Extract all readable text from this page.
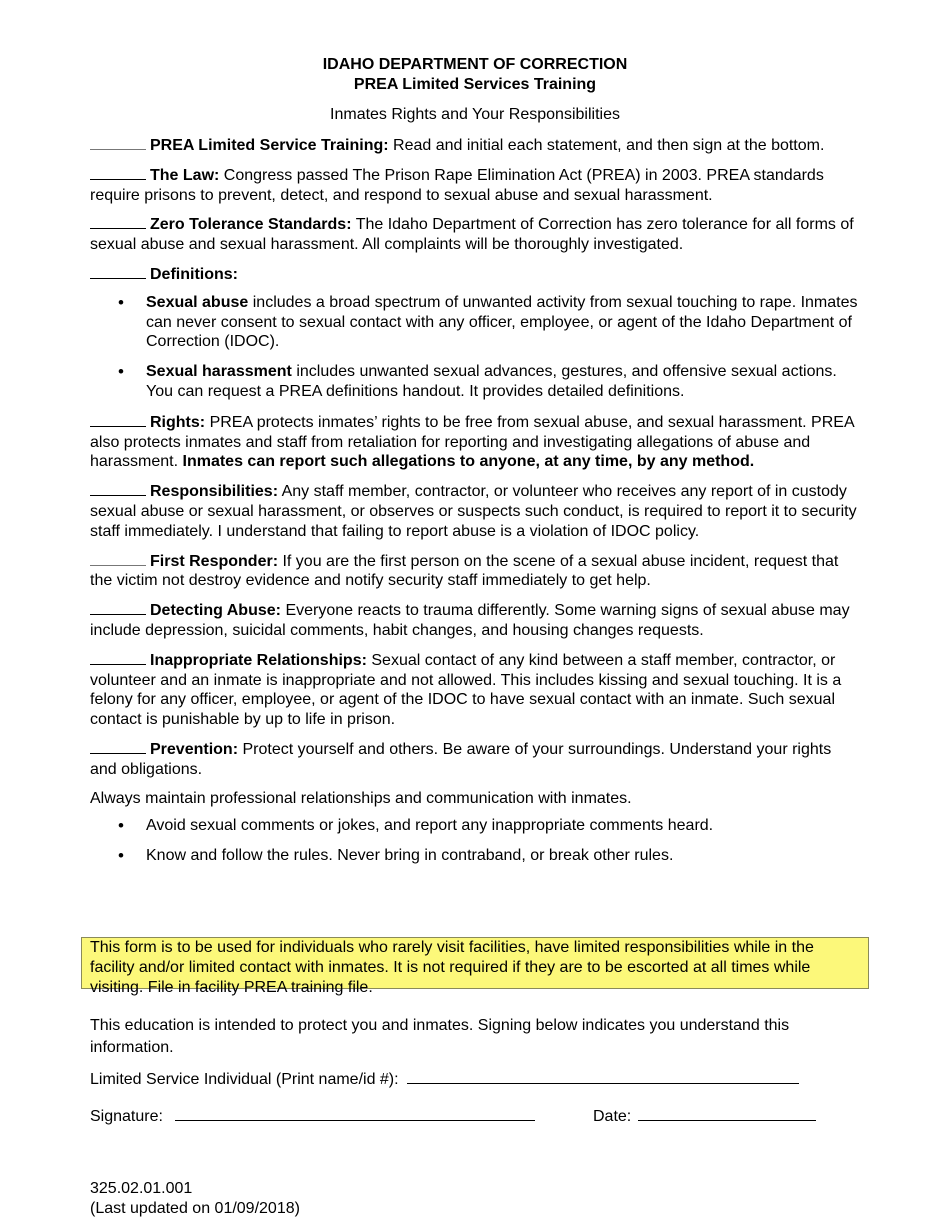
IDAHO DEPARTMENT OF CORRECTION
PREA Limited Services Training
Inmates Rights and Your Responsibilities

PREA Limited Service Training: Read and initial each statement, and then sign at the bottom.

The Law: Congress passed The Prison Rape Elimination Act (PREA) in 2003. PREA standards require prisons to prevent, detect, and respond to sexual abuse and sexual harassment.

Zero Tolerance Standards: The Idaho Department of Correction has zero tolerance for all forms of sexual abuse and sexual harassment. All complaints will be thoroughly investigated.

Definitions:

• Sexual abuse includes a broad spectrum of unwanted activity from sexual touching to rape. Inmates can never consent to sexual contact with any officer, employee, or agent of the Idaho Department of Correction (IDOC).
• Sexual harassment includes unwanted sexual advances, gestures, and offensive sexual actions. You can request a PREA definitions handout. It provides detailed definitions.

Rights: PREA protects inmates’ rights to be free from sexual abuse, and sexual harassment. PREA also protects inmates and staff from retaliation for reporting and investigating allegations of abuse and harassment. Inmates can report such allegations to anyone, at any time, by any method.

Responsibilities: Any staff member, contractor, or volunteer who receives any report of in custody sexual abuse or sexual harassment, or observes or suspects such conduct, is required to report it to security staff immediately. I understand that failing to report abuse is a violation of IDOC policy.

First Responder: If you are the first person on the scene of a sexual abuse incident, request that the victim not destroy evidence and notify security staff immediately to get help.

Detecting Abuse: Everyone reacts to trauma differently. Some warning signs of sexual abuse may include depression, suicidal comments, habit changes, and housing changes requests.

Inappropriate Relationships: Sexual contact of any kind between a staff member, contractor, or volunteer and an inmate is inappropriate and not allowed. This includes kissing and sexual touching. It is a felony for any officer, employee, or agent of the IDOC to have sexual contact with an inmate. Such sexual contact is punishable by up to life in prison.

Prevention: Protect yourself and others. Be aware of your surroundings. Understand your rights and obligations.

Always maintain professional relationships and communication with inmates.

• Avoid sexual comments or jokes, and report any inappropriate comments heard.
• Know and follow the rules. Never bring in contraband, or break other rules.
This form is to be used for individuals who rarely visit facilities, have limited responsibilities while in the facility and/or limited contact with inmates. It is not required if they are to be escorted at all times while visiting. File in facility PREA training file.
This education is intended to protect you and inmates. Signing below indicates you understand this information.
Limited Service Individual (Print name/id #):
Signature:	Date:
325.02.01.001
(Last updated on 01/09/2018)
